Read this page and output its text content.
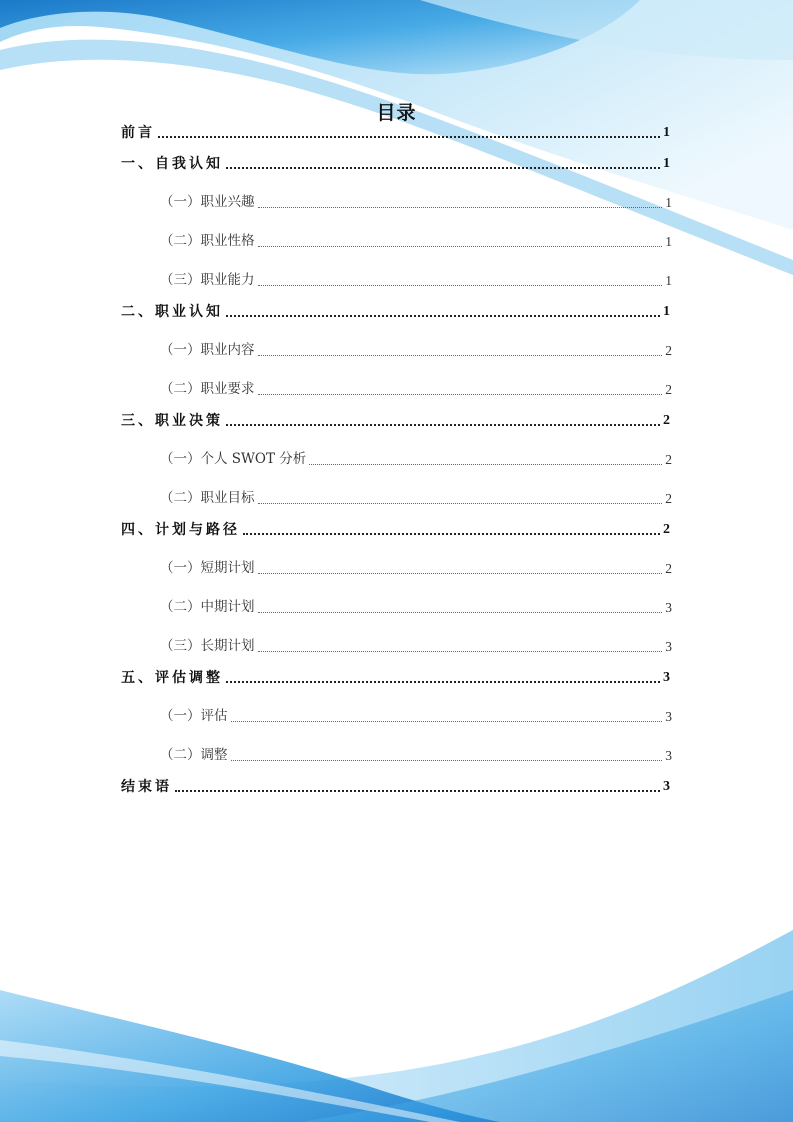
目录
前言	1
一、自我认知	1
（一）职业兴趣	1
（二）职业性格	1
（三）职业能力	1
二、职业认知	1
（一）职业内容	2
（二）职业要求	2
三、职业决策	2
（一）个人 SWOT 分析	2
（二）职业目标	2
四、计划与路径	2
（一）短期计划	2
（二）中期计划	3
（三）长期计划	3
五、评估调整	3
（一）评估	3
（二）调整	3
结束语	3
